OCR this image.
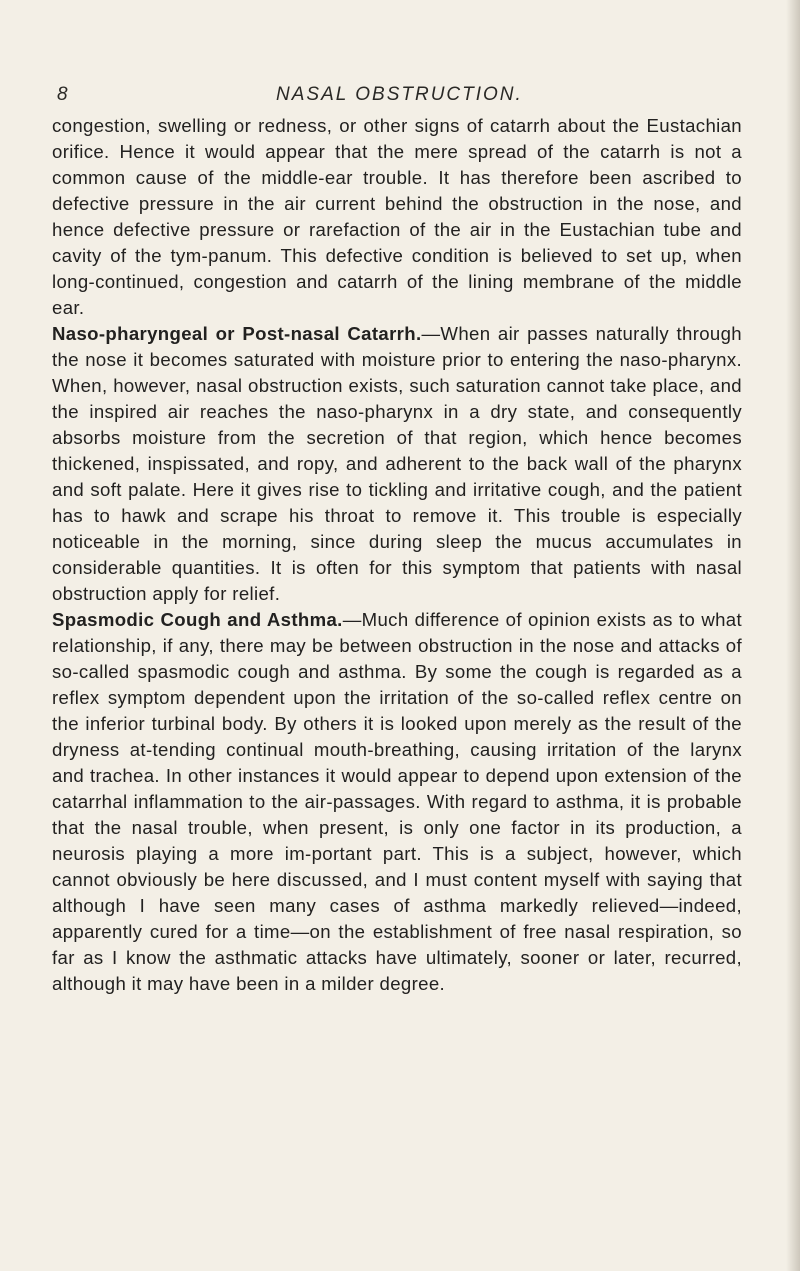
8	NASAL OBSTRUCTION.

congestion, swelling or redness, or other signs of catarrh about the Eustachian orifice. Hence it would appear that the mere spread of the catarrh is not a common cause of the middle-ear trouble. It has therefore been ascribed to defective pressure in the air current behind the obstruction in the nose, and hence defective pressure or rarefaction of the air in the Eustachian tube and cavity of the tym-panum. This defective condition is believed to set up, when long-continued, congestion and catarrh of the lining membrane of the middle ear.

Naso-pharyngeal or Post-nasal Catarrh.—When air passes naturally through the nose it becomes saturated with moisture prior to entering the naso-pharynx. When, however, nasal obstruction exists, such saturation cannot take place, and the inspired air reaches the naso-pharynx in a dry state, and consequently absorbs moisture from the secretion of that region, which hence becomes thickened, inspissated, and ropy, and adherent to the back wall of the pharynx and soft palate. Here it gives rise to tickling and irritative cough, and the patient has to hawk and scrape his throat to remove it. This trouble is especially noticeable in the morning, since during sleep the mucus accumulates in considerable quantities. It is often for this symptom that patients with nasal obstruction apply for relief.

Spasmodic Cough and Asthma.—Much difference of opinion exists as to what relationship, if any, there may be between obstruction in the nose and attacks of so-called spasmodic cough and asthma. By some the cough is regarded as a reflex symptom dependent upon the irritation of the so-called reflex centre on the inferior turbinal body. By others it is looked upon merely as the result of the dryness at-tending continual mouth-breathing, causing irritation of the larynx and trachea. In other instances it would appear to depend upon extension of the catarrhal inflammation to the air-passages. With regard to asthma, it is probable that the nasal trouble, when present, is only one factor in its production, a neurosis playing a more im-portant part. This is a subject, however, which cannot obviously be here discussed, and I must content myself with saying that although I have seen many cases of asthma markedly relieved—indeed, apparently cured for a time—on the establishment of free nasal respiration, so far as I know the asthmatic attacks have ultimately, sooner or later, recurred, although it may have been in a milder degree.
